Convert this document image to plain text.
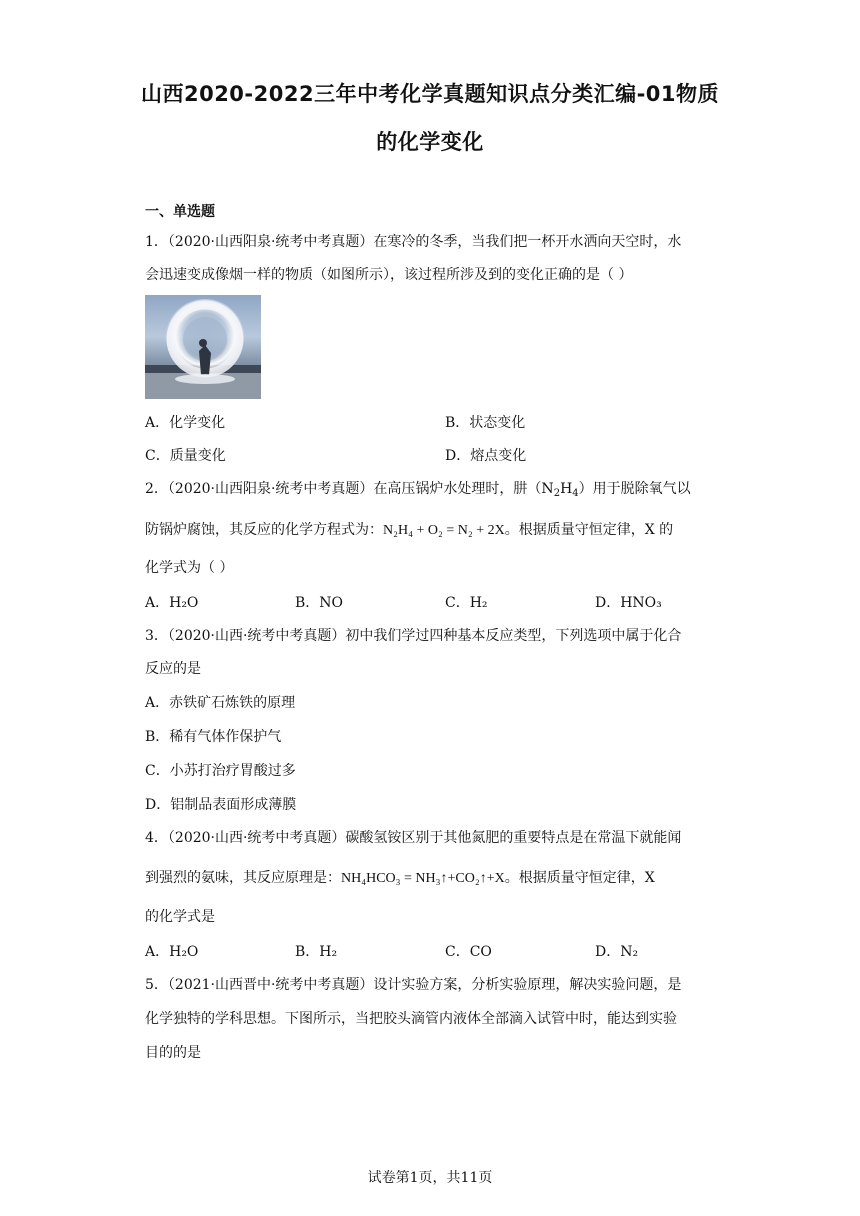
山西2020-2022三年中考化学真题知识点分类汇编-01物质
的化学变化
一、单选题
1．（2020·山西阳泉·统考中考真题）在寒冷的冬季，当我们把一杯开水洒向天空时，水
会迅速变成像烟一样的物质（如图所示），该过程所涉及到的变化正确的是（ ）
A．化学变化	B．状态变化
C．质量变化	D．熔点变化
2．（2020·山西阳泉·统考中考真题）在高压锅炉水处理时，肼$(N_2H_4)$用于脱除氧气以
防锅炉腐蚀，其反应的化学方程式为：N₂H₄ + O₂ = N₂ + 2X。根据质量守恒定律，X 的
化学式为（ ）
A．H₂O	B．NO	C．H₂	D．HNO₃
3．（2020·山西·统考中考真题）初中我们学过四种基本反应类型，下列选项中属于化合
反应的是
A．赤铁矿石炼铁的原理
B．稀有气体作保护气
C．小苏打治疗胃酸过多
D．铝制品表面形成薄膜
4．（2020·山西·统考中考真题）碳酸氢铵区别于其他氮肥的重要特点是在常温下就能闻
到强烈的氨味，其反应原理是：NH₄HCO₃ = NH₃↑+CO₂↑+X。根据质量守恒定律，X
的化学式是
A．H₂O	B．H₂	C．CO	D．N₂
5．（2021·山西晋中·统考中考真题）设计实验方案，分析实验原理，解决实验问题，是
化学独特的学科思想。下图所示，当把胶头滴管内液体全部滴入试管中时，能达到实验
目的的是
试卷第1页，共11页
